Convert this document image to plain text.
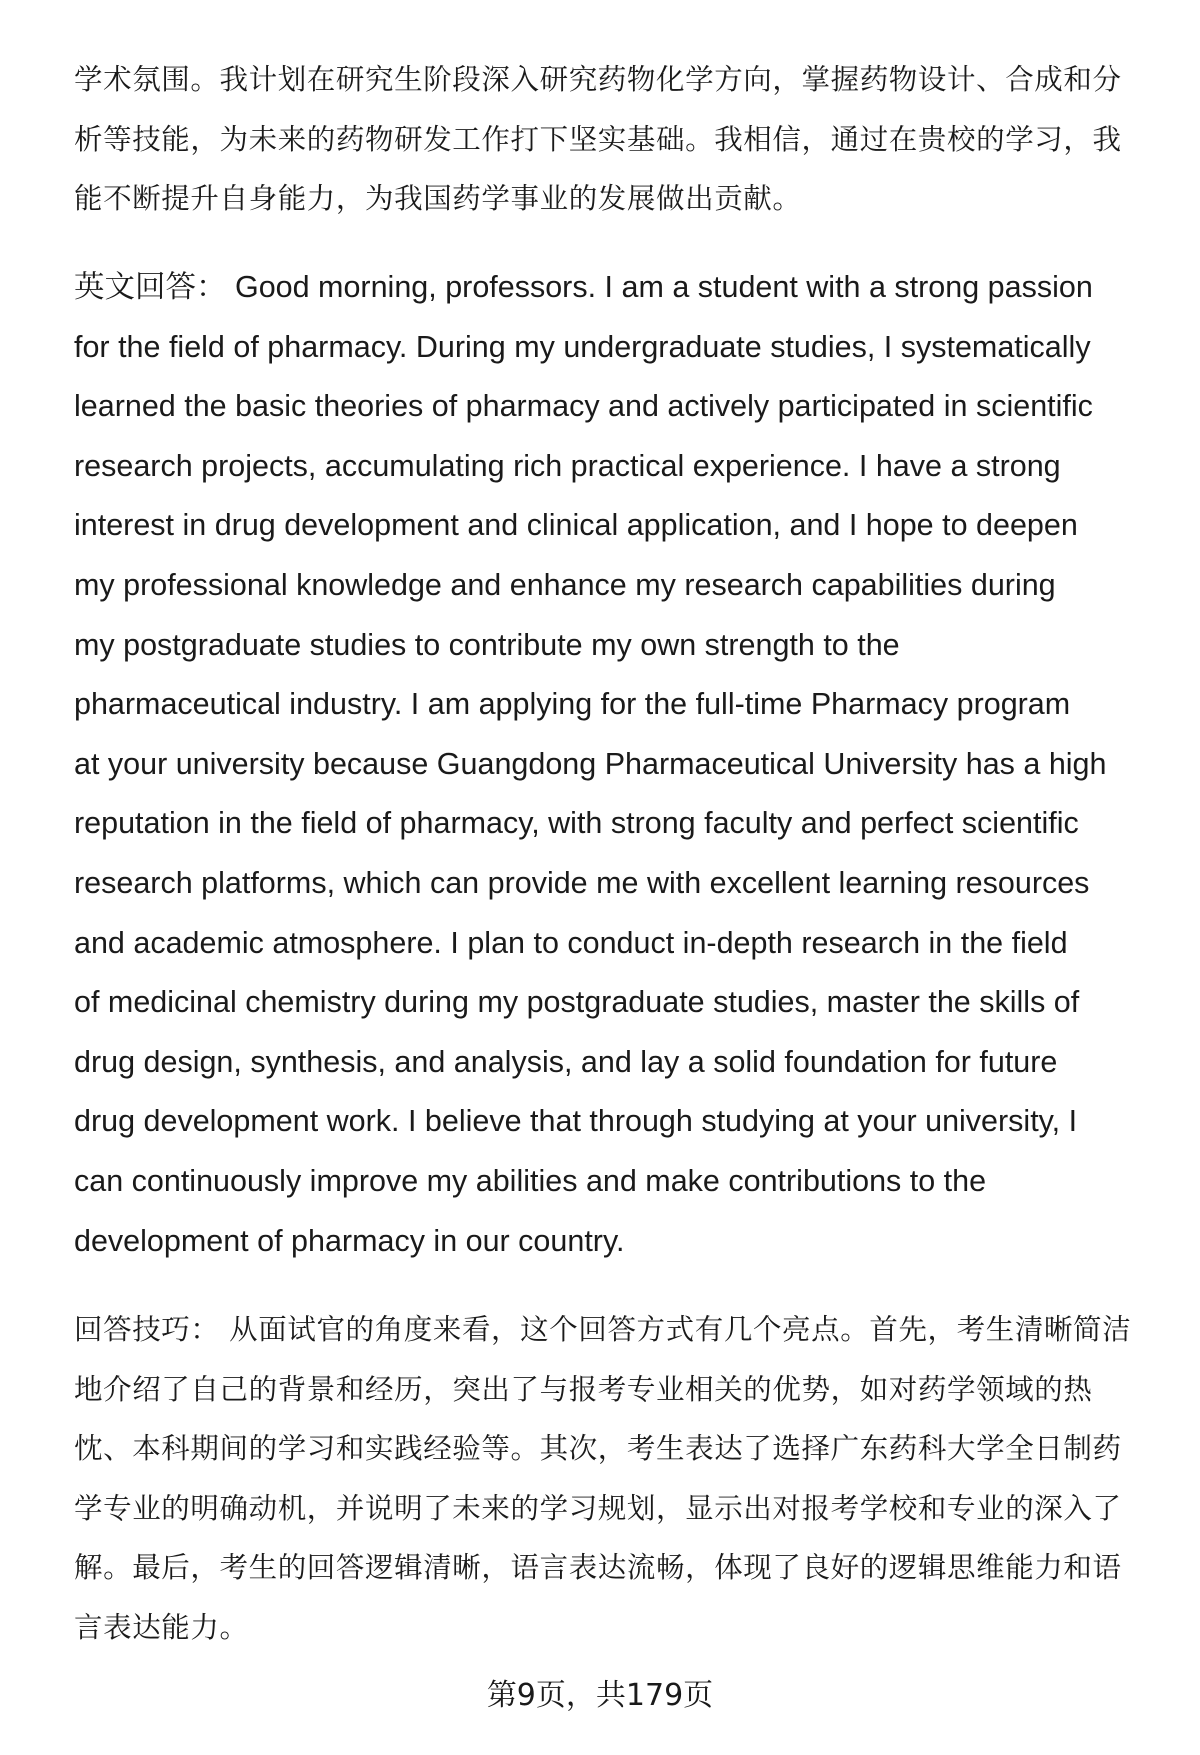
学术氛围。我计划在研究生阶段深入研究药物化学方向，掌握药物设计、合成和分
析等技能，为未来的药物研发工作打下坚实基础。我相信，通过在贵校的学习，我
能不断提升自身能力，为我国药学事业的发展做出贡献。
英文回答： Good morning, professors. I am a student with a strong passion
for the field of pharmacy. During my undergraduate studies, I systematically
learned the basic theories of pharmacy and actively participated in scientific
research projects, accumulating rich practical experience. I have a strong
interest in drug development and clinical application, and I hope to deepen
my professional knowledge and enhance my research capabilities during
my postgraduate studies to contribute my own strength to the
pharmaceutical industry. I am applying for the full-time Pharmacy program
at your university because Guangdong Pharmaceutical University has a high
reputation in the field of pharmacy, with strong faculty and perfect scientific
research platforms, which can provide me with excellent learning resources
and academic atmosphere. I plan to conduct in-depth research in the field
of medicinal chemistry during my postgraduate studies, master the skills of
drug design, synthesis, and analysis, and lay a solid foundation for future
drug development work. I believe that through studying at your university, I
can continuously improve my abilities and make contributions to the
development of pharmacy in our country.
回答技巧： 从面试官的角度来看，这个回答方式有几个亮点。首先，考生清晰简洁
地介绍了自己的背景和经历，突出了与报考专业相关的优势，如对药学领域的热
忱、本科期间的学习和实践经验等。其次，考生表达了选择广东药科大学全日制药
学专业的明确动机，并说明了未来的学习规划，显示出对报考学校和专业的深入了
解。最后，考生的回答逻辑清晰，语言表达流畅，体现了良好的逻辑思维能力和语
言表达能力。
第9页，共179页
